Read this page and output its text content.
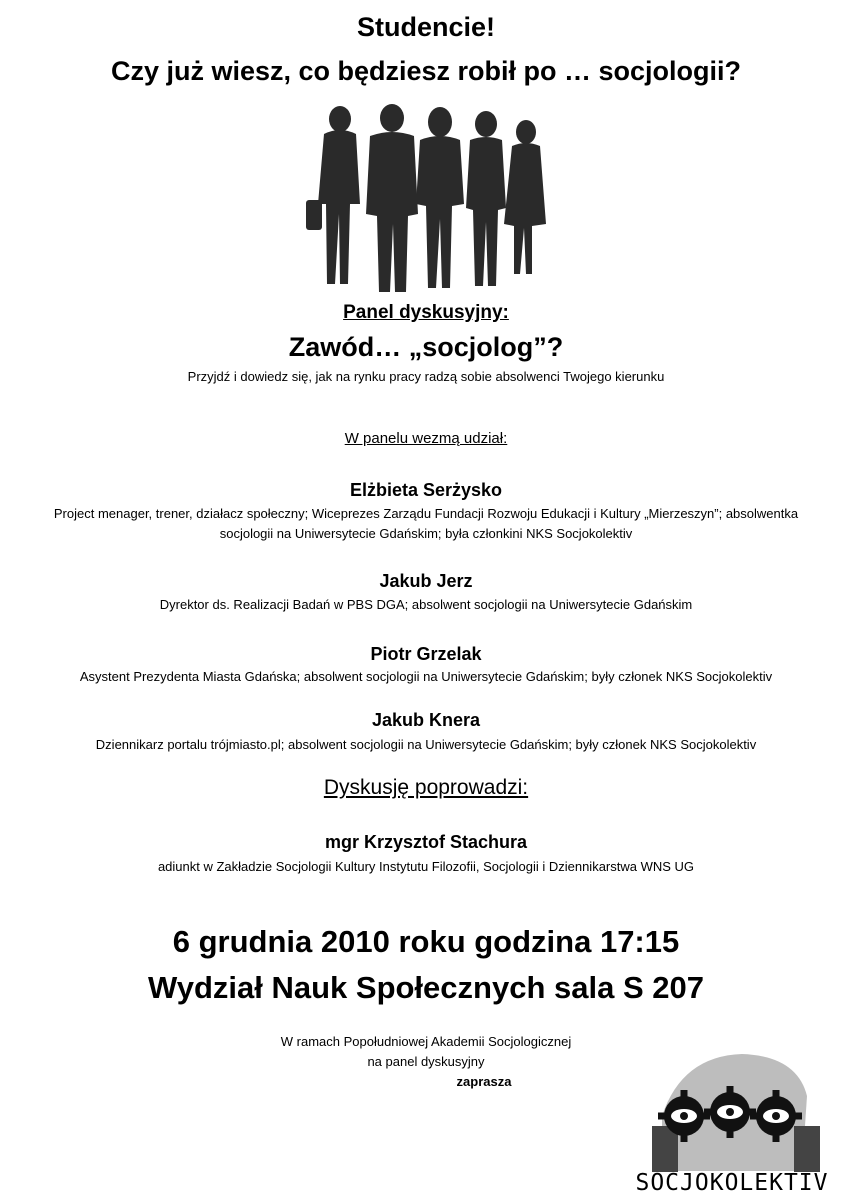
Studencie!
Czy już wiesz, co będziesz robił po … socjologii?
Panel dyskusyjny:
Zawód… „socjolog”?
Przyjdź i dowiedz się, jak na rynku pracy radzą sobie absolwenci Twojego kierunku
W panelu wezmą udział:
Elżbieta Serżysko
Project menager, trener, działacz społeczny; Wiceprezes Zarządu Fundacji Rozwoju Edukacji i Kultury „Mierzeszyn”; absolwentka
socjologii na Uniwersytecie Gdańskim; była członkini NKS Socjokolektiv
Jakub Jerz
Dyrektor ds. Realizacji Badań w PBS DGA; absolwent socjologii na Uniwersytecie Gdańskim
Piotr Grzelak
Asystent Prezydenta Miasta Gdańska; absolwent socjologii na Uniwersytecie Gdańskim; były członek NKS Socjokolektiv
Jakub Knera
Dziennikarz portalu trójmiasto.pl; absolwent socjologii na Uniwersytecie Gdańskim; były członek NKS Socjokolektiv
Dyskusję poprowadzi:
mgr Krzysztof Stachura
adiunkt w Zakładzie Socjologii Kultury Instytutu Filozofii, Socjologii i Dziennikarstwa WNS UG
6 grudnia 2010 roku godzina 17:15
Wydział Nauk Społecznych sala S 207
W ramach Popołudniowej Akademii Socjologicznej
na panel dyskusyjny
zaprasza
SOCJOKOLEKTIV
